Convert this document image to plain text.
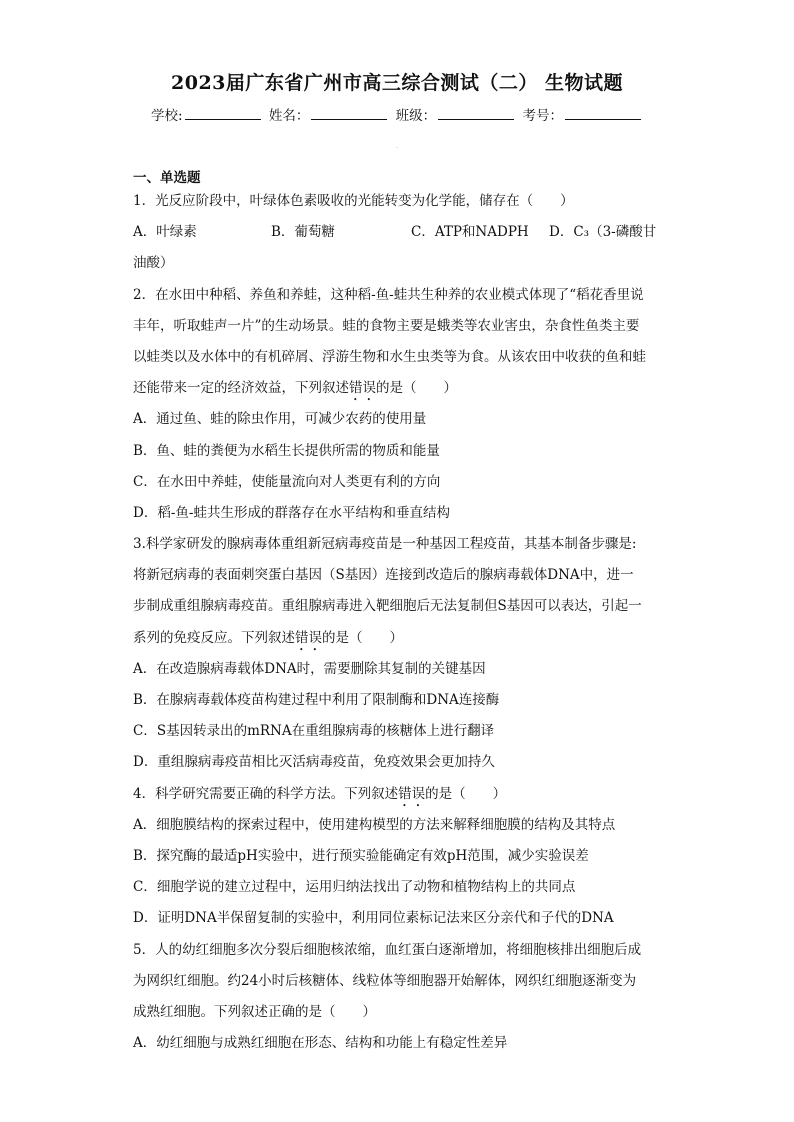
2023届广东省广州市高三综合测试（二） 生物试题
学校:	姓名：	班级：	考号：
·
一、单选题
1．光反应阶段中，叶绿体色素吸收的光能转变为化学能，储存在（　　）
A．叶绿素	B．葡萄糖	C．ATP和NADPH	D．C₃（3-磷酸甘
油酸）
2．在水田中种稻、养鱼和养蛙，这种稻-鱼-蛙共生种养的农业模式体现了“稻花香里说
丰年，听取蛙声一片”的生动场景。蛙的食物主要是蛾类等农业害虫，杂食性鱼类主要
以蛙类以及水体中的有机碎屑、浮游生物和水生虫类等为食。从该农田中收获的鱼和蛙
还能带来一定的经济效益，下列叙述错误的是（　　）
A．通过鱼、蛙的除虫作用，可减少农药的使用量
B．鱼、蛙的粪便为水稻生长提供所需的物质和能量
C．在水田中养蛙，使能量流向对人类更有利的方向
D．稻-鱼-蛙共生形成的群落存在水平结构和垂直结构
3.科学家研发的腺病毒体重组新冠病毒疫苗是一种基因工程疫苗，其基本制备步骤是:
将新冠病毒的表面刺突蛋白基因（S基因）连接到改造后的腺病毒载体DNA中，进一
步制成重组腺病毒疫苗。重组腺病毒进入靶细胞后无法复制但S基因可以表达，引起一
系列的免疫反应。下列叙述错误的是（　　）
A．在改造腺病毒载体DNA时，需要删除其复制的关键基因
B．在腺病毒载体疫苗构建过程中利用了限制酶和DNA连接酶
C．S基因转录出的mRNA在重组腺病毒的核糖体上进行翻译
D．重组腺病毒疫苗相比灭活病毒疫苗，免疫效果会更加持久
4．科学研究需要正确的科学方法。下列叙述错误的是（　　）
A．细胞膜结构的探索过程中，使用建构模型的方法来解释细胞膜的结构及其特点
B．探究酶的最适pH实验中，进行预实验能确定有效pH范围，减少实验误差
C．细胞学说的建立过程中，运用归纳法找出了动物和植物结构上的共同点
D．证明DNA半保留复制的实验中，利用同位素标记法来区分亲代和子代的DNA
5．人的幼红细胞多次分裂后细胞核浓缩，血红蛋白逐渐增加，将细胞核排出细胞后成
为网织红细胞。约24小时后核糖体、线粒体等细胞器开始解体，网织红细胞逐渐变为
成熟红细胞。下列叙述正确的是（　　）
A．幼红细胞与成熟红细胞在形态、结构和功能上有稳定性差异
